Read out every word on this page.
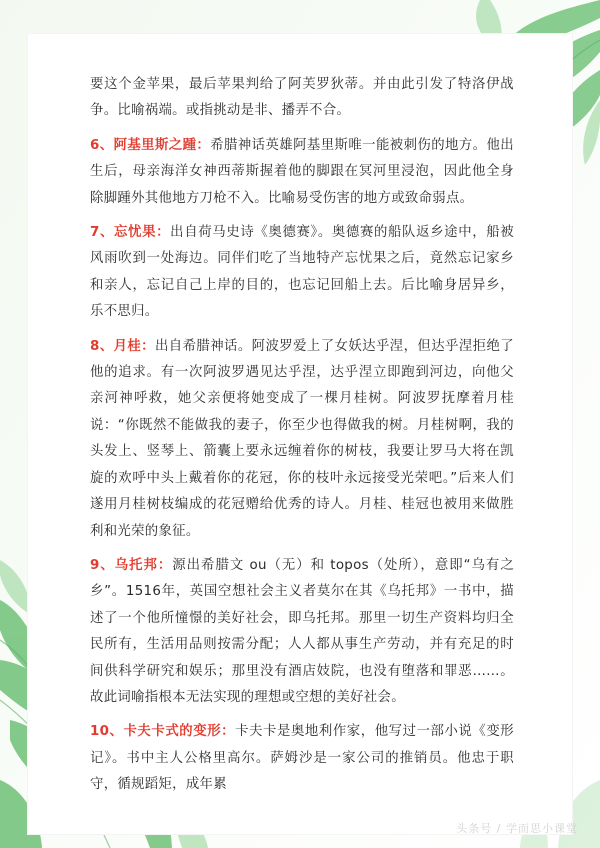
要这个金苹果，最后苹果判给了阿芙罗狄蒂。并由此引发了特洛伊战争。比喻祸端。或指挑动是非、播弄不合。

6、阿基里斯之踵：希腊神话英雄阿基里斯唯一能被刺伤的地方。他出生后，母亲海洋女神西蒂斯握着他的脚跟在冥河里浸泡，因此他全身除脚踵外其他地方刀枪不入。比喻易受伤害的地方或致命弱点。

7、忘忧果：出自荷马史诗《奥德赛》。奥德赛的船队返乡途中，船被风雨吹到一处海边。同伴们吃了当地特产忘忧果之后，竟然忘记家乡和亲人，忘记自己上岸的目的，也忘记回船上去。后比喻身居异乡，乐不思归。

8、月桂：出自希腊神话。阿波罗爱上了女妖达乎涅，但达乎涅拒绝了他的追求。有一次阿波罗遇见达乎涅，达乎涅立即跑到河边，向他父亲河神呼救，她父亲便将她变成了一棵月桂树。阿波罗抚摩着月桂说：“你既然不能做我的妻子，你至少也得做我的树。月桂树啊，我的头发上、竖琴上、箭囊上要永远缠着你的树枝，我要让罗马大将在凯旋的欢呼中头上戴着你的花冠，你的枝叶永远接受光荣吧。”后来人们遂用月桂树枝编成的花冠赠给优秀的诗人。月桂、桂冠也被用来做胜利和光荣的象征。

9、乌托邦：源出希腊文 ou（无）和 topos（处所），意即“乌有之乡”。1516年，英国空想社会主义者莫尔在其《乌托邦》一书中，描述了一个他所憧憬的美好社会，即乌托邦。那里一切生产资料均归全民所有，生活用品则按需分配；人人都从事生产劳动，并有充足的时间供科学研究和娱乐；那里没有酒店妓院，也没有堕落和罪恶……。故此词喻指根本无法实现的理想或空想的美好社会。

10、卡夫卡式的变形：卡夫卡是奥地利作家，他写过一部小说《变形记》。书中主人公格里高尔。萨姆沙是一家公司的推销员。他忠于职守，循规蹈矩，成年累

头条号 / 学而思小课堂
